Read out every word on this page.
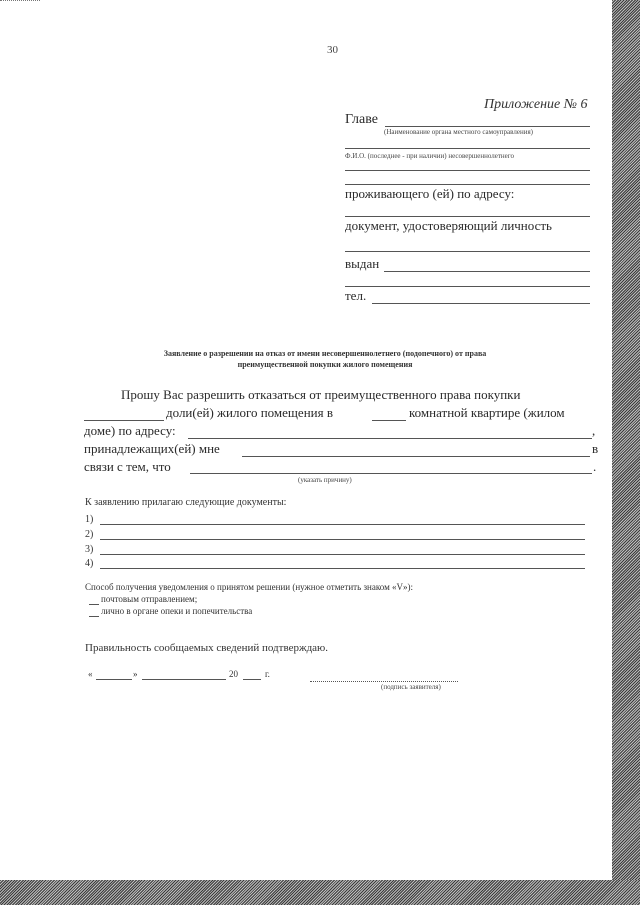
30
Приложение № 6
Главе
(Наименование органа местного самоуправления)
Ф.И.О. (последнее - при наличии) несовершеннолетнего
проживающего (ей) по адресу:
документ, удостоверяющий личность
выдан
тел.
Заявление о разрешении на отказ от имени несовершеннолетнего (подопечного) от права
преимущественной покупки жилого помещения
Прошу Вас разрешить отказаться от преимущественного права покупки
доли(ей) жилого помещения в	комнатной квартире (жилом
доме) по адресу:	,
принадлежащих(ей) мне	в
связи с тем, что	.
(указать причину)
К заявлению прилагаю следующие документы:
1)
2)
3)
4)
Способ получения уведомления о принятом решении (нужное отметить знаком «V»):
почтовым отправлением;
лично в органе опеки и попечительства
Правильность сообщаемых сведений подтверждаю.
«	»	20	г.
(подпись заявителя)
